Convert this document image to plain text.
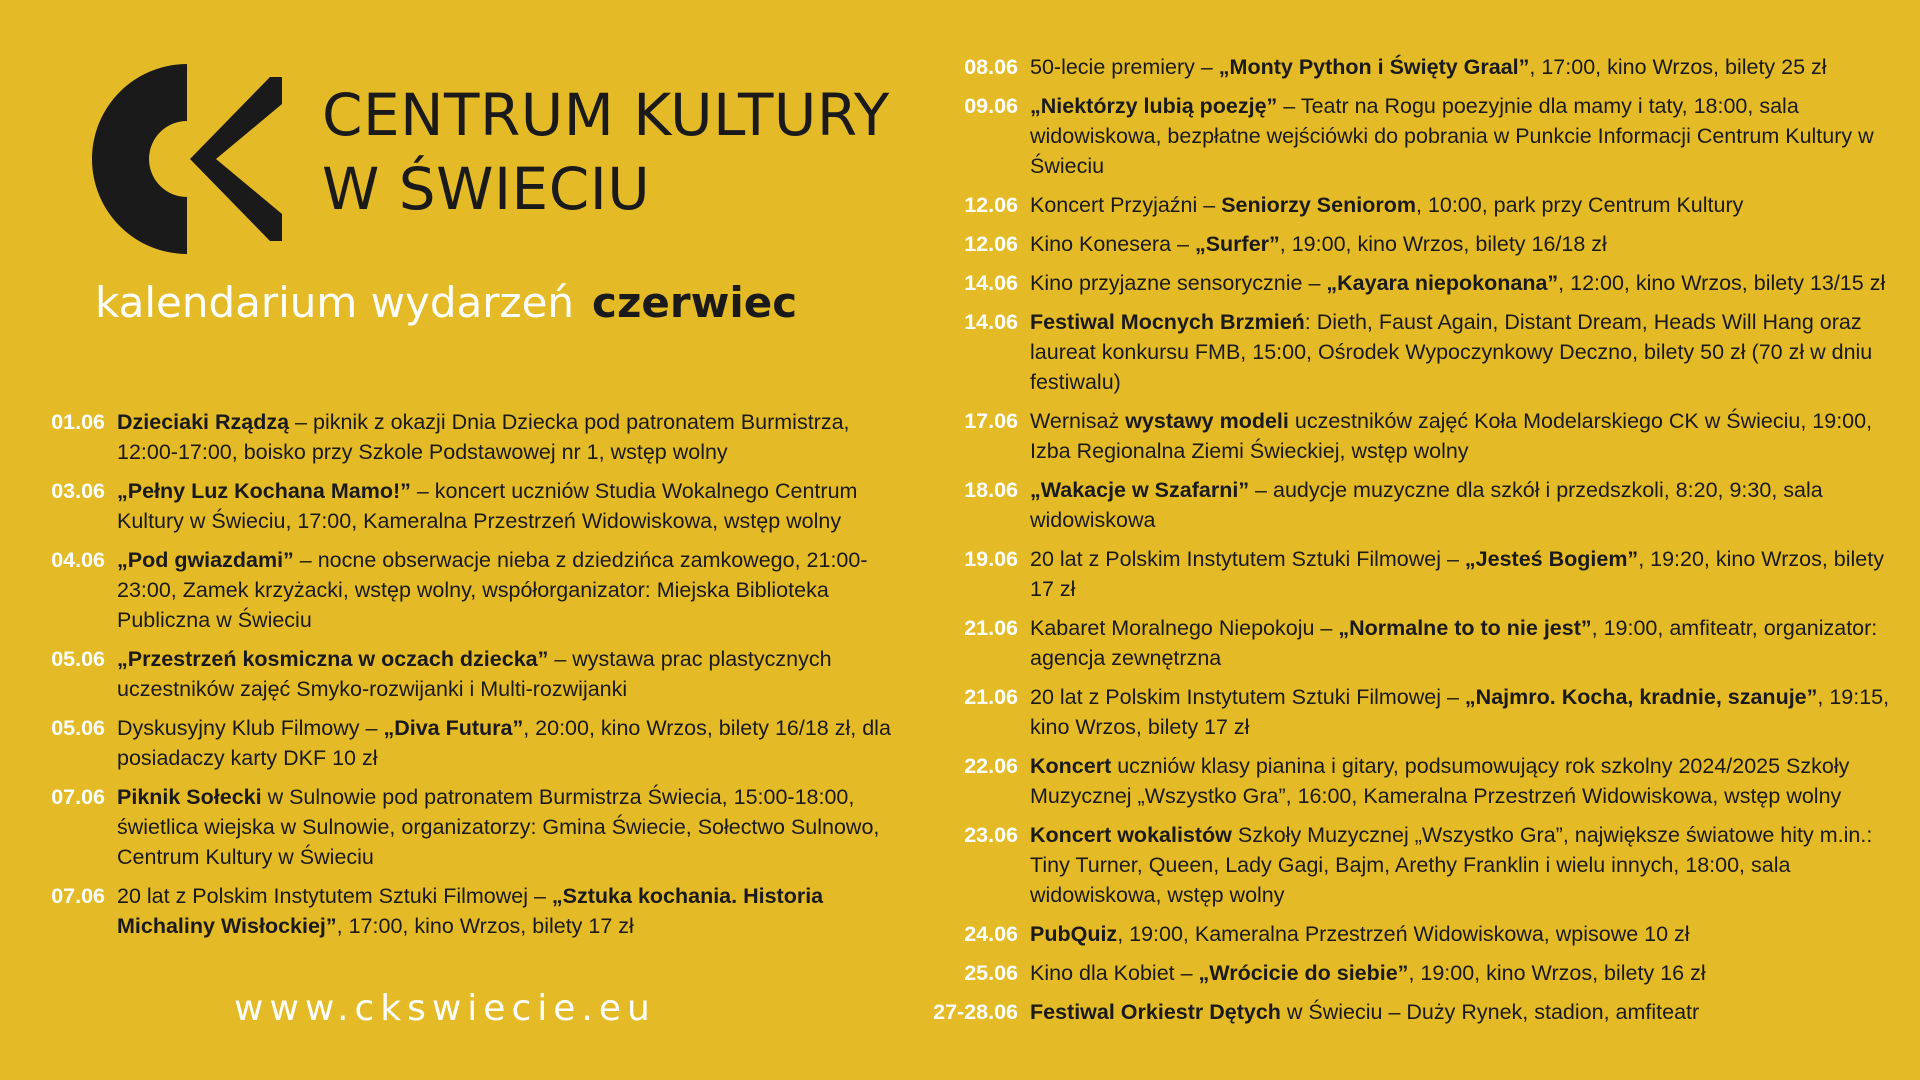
CENTRUM KULTURY
W ŚWIECIU
kalendarium wydarzeń czerwiec
01.06 Dzieciaki Rządzą – piknik z okazji Dnia Dziecka pod patronatem Burmistrza, 12:00-17:00, boisko przy Szkole Podstawowej nr 1, wstęp wolny
03.06 „Pełny Luz Kochana Mamo!” – koncert uczniów Studia Wokalnego Centrum Kultury w Świeciu, 17:00, Kameralna Przestrzeń Widowiskowa, wstęp wolny
04.06 „Pod gwiazdami” – nocne obserwacje nieba z dziedzińca zamkowego, 21:00-23:00, Zamek krzyżacki, wstęp wolny, współorganizator: Miejska Biblioteka Publiczna w Świeciu
05.06 „Przestrzeń kosmiczna w oczach dziecka” – wystawa prac plastycznych uczestników zajęć Smyko-rozwijanki i Multi-rozwijanki
05.06 Dyskusyjny Klub Filmowy – „Diva Futura”, 20:00, kino Wrzos, bilety 16/18 zł, dla posiadaczy karty DKF 10 zł
07.06 Piknik Sołecki w Sulnowie pod patronatem Burmistrza Świecia, 15:00-18:00, świetlica wiejska w Sulnowie, organizatorzy: Gmina Świecie, Sołectwo Sulnowo, Centrum Kultury w Świeciu
07.06 20 lat z Polskim Instytutem Sztuki Filmowej – „Sztuka kochania. Historia Michaliny Wisłockiej”, 17:00, kino Wrzos, bilety 17 zł
08.06 50-lecie premiery – „Monty Python i Święty Graal”, 17:00, kino Wrzos, bilety 25 zł
09.06 „Niektórzy lubią poezję” – Teatr na Rogu poezyjnie dla mamy i taty, 18:00, sala widowiskowa, bezpłatne wejściówki do pobrania w Punkcie Informacji Centrum Kultury w Świeciu
12.06 Koncert Przyjaźni – Seniorzy Seniorom, 10:00, park przy Centrum Kultury
12.06 Kino Konesera – „Surfer”, 19:00, kino Wrzos, bilety 16/18 zł
14.06 Kino przyjazne sensorycznie – „Kayara niepokonana”, 12:00, kino Wrzos, bilety 13/15 zł
14.06 Festiwal Mocnych Brzmień: Dieth, Faust Again, Distant Dream, Heads Will Hang oraz laureat konkursu FMB, 15:00, Ośrodek Wypoczynkowy Deczno, bilety 50 zł (70 zł w dniu festiwalu)
17.06 Wernisaż wystawy modeli uczestników zajęć Koła Modelarskiego CK w Świeciu, 19:00, Izba Regionalna Ziemi Świeckiej, wstęp wolny
18.06 „Wakacje w Szafarni” – audycje muzyczne dla szkół i przedszkoli, 8:20, 9:30, sala widowiskowa
19.06 20 lat z Polskim Instytutem Sztuki Filmowej – „Jesteś Bogiem”, 19:20, kino Wrzos, bilety 17 zł
21.06 Kabaret Moralnego Niepokoju – „Normalne to to nie jest”, 19:00, amfiteatr, organizator: agencja zewnętrzna
21.06 20 lat z Polskim Instytutem Sztuki Filmowej – „Najmro. Kocha, kradnie, szanuje”, 19:15, kino Wrzos, bilety 17 zł
22.06 Koncert uczniów klasy pianina i gitary, podsumowujący rok szkolny 2024/2025 Szkoły Muzycznej „Wszystko Gra”, 16:00, Kameralna Przestrzeń Widowiskowa, wstęp wolny
23.06 Koncert wokalistów Szkoły Muzycznej „Wszystko Gra”, największe światowe hity m.in.: Tiny Turner, Queen, Lady Gagi, Bajm, Arethy Franklin i wielu innych, 18:00, sala widowiskowa, wstęp wolny
24.06 PubQuiz, 19:00, Kameralna Przestrzeń Widowiskowa, wpisowe 10 zł
25.06 Kino dla Kobiet – „Wrócicie do siebie”, 19:00, kino Wrzos, bilety 16 zł
27-28.06 Festiwal Orkiestr Dętych w Świeciu – Duży Rynek, stadion, amfiteatr
www.ckswiecie.eu
